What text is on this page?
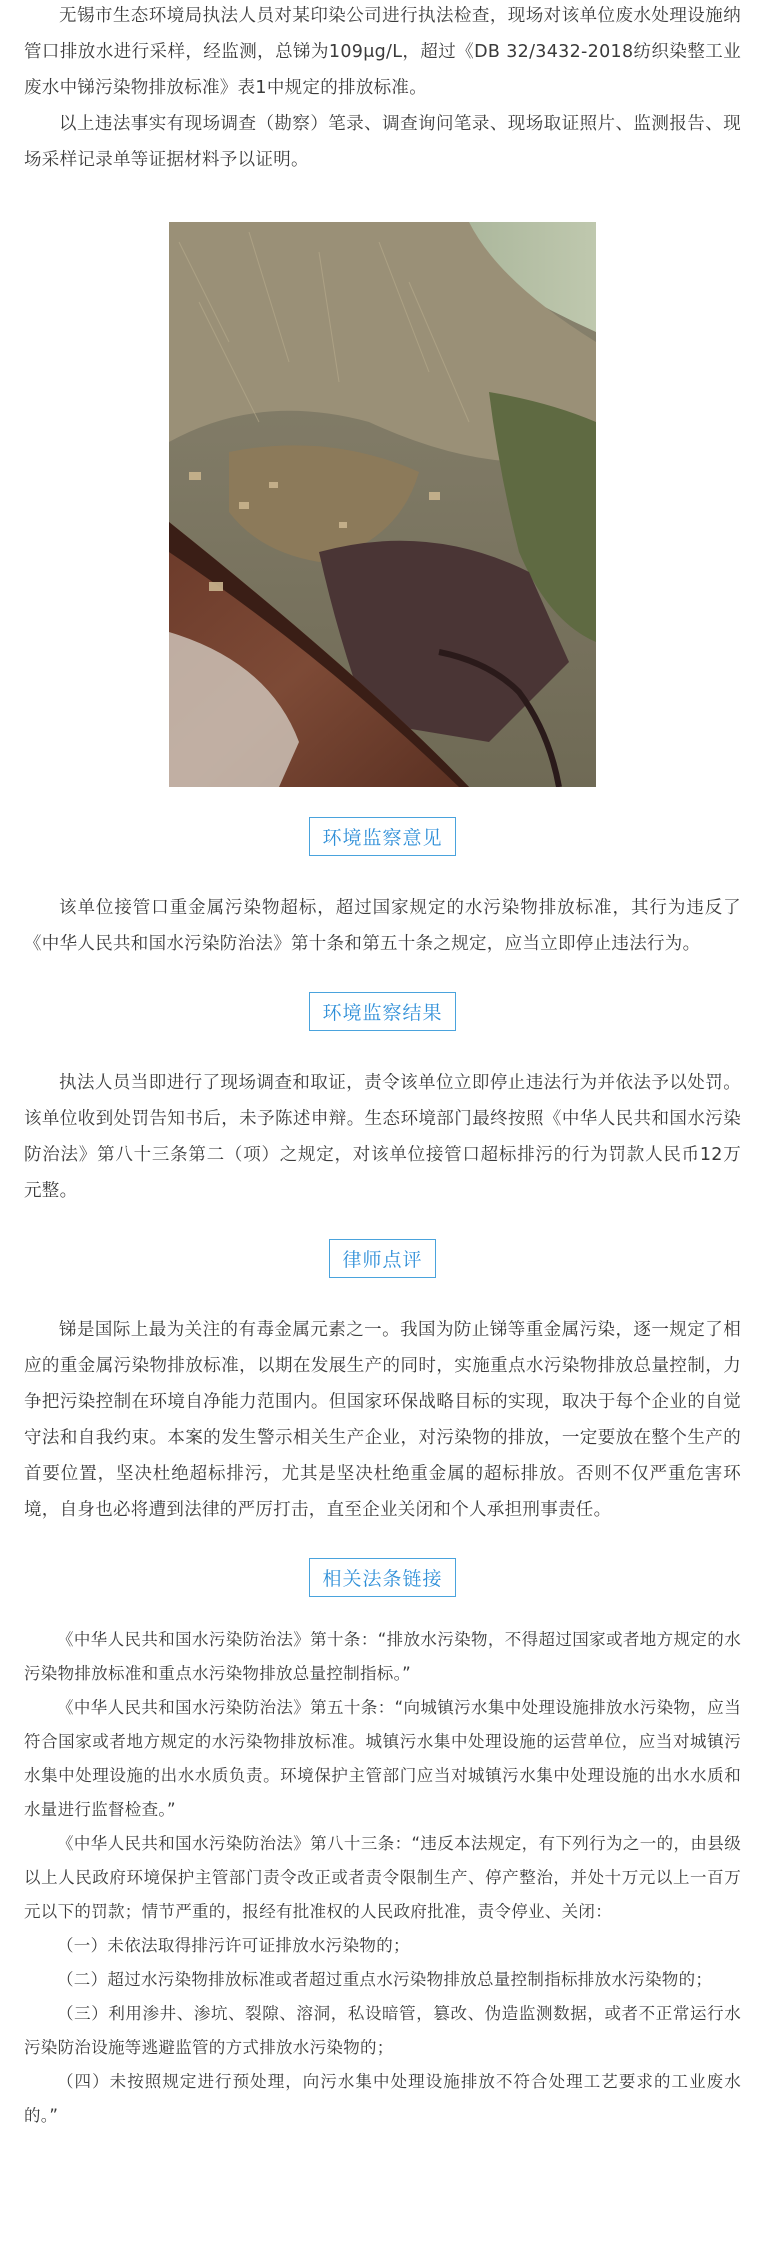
无锡市生态环境局执法人员对某印染公司进行执法检查，现场对该单位废水处理设施纳管口排放水进行采样，经监测，总锑为109μg/L，超过《DB 32/3432-2018纺织染整工业废水中锑污染物排放标准》表1中规定的排放标准。

以上违法事实有现场调查（勘察）笔录、调查询问笔录、现场取证照片、监测报告、现场采样记录单等证据材料予以证明。

环境监察意见

该单位接管口重金属污染物超标，超过国家规定的水污染物排放标准，其行为违反了《中华人民共和国水污染防治法》第十条和第五十条之规定，应当立即停止违法行为。

环境监察结果

执法人员当即进行了现场调查和取证，责令该单位立即停止违法行为并依法予以处罚。该单位收到处罚告知书后，未予陈述申辩。生态环境部门最终按照《中华人民共和国水污染防治法》第八十三条第二（项）之规定，对该单位接管口超标排污的行为罚款人民币12万元整。

律师点评

锑是国际上最为关注的有毒金属元素之一。我国为防止锑等重金属污染，逐一规定了相应的重金属污染物排放标准，以期在发展生产的同时，实施重点水污染物排放总量控制，力争把污染控制在环境自净能力范围内。但国家环保战略目标的实现，取决于每个企业的自觉守法和自我约束。本案的发生警示相关生产企业，对污染物的排放，一定要放在整个生产的首要位置，坚决杜绝超标排污，尤其是坚决杜绝重金属的超标排放。否则不仅严重危害环境，自身也必将遭到法律的严厉打击，直至企业关闭和个人承担刑事责任。

相关法条链接

《中华人民共和国水污染防治法》第十条：“排放水污染物，不得超过国家或者地方规定的水污染物排放标准和重点水污染物排放总量控制指标。”

《中华人民共和国水污染防治法》第五十条：“向城镇污水集中处理设施排放水污染物，应当符合国家或者地方规定的水污染物排放标准。城镇污水集中处理设施的运营单位，应当对城镇污水集中处理设施的出水水质负责。环境保护主管部门应当对城镇污水集中处理设施的出水水质和水量进行监督检查。”

《中华人民共和国水污染防治法》第八十三条：“违反本法规定，有下列行为之一的，由县级以上人民政府环境保护主管部门责令改正或者责令限制生产、停产整治，并处十万元以上一百万元以下的罚款；情节严重的，报经有批准权的人民政府批准，责令停业、关闭：

（一）未依法取得排污许可证排放水污染物的；

（二）超过水污染物排放标准或者超过重点水污染物排放总量控制指标排放水污染物的；

（三）利用渗井、渗坑、裂隙、溶洞，私设暗管，篡改、伪造监测数据，或者不正常运行水污染防治设施等逃避监管的方式排放水污染物的；

（四）未按照规定进行预处理，向污水集中处理设施排放不符合处理工艺要求的工业废水的。”
